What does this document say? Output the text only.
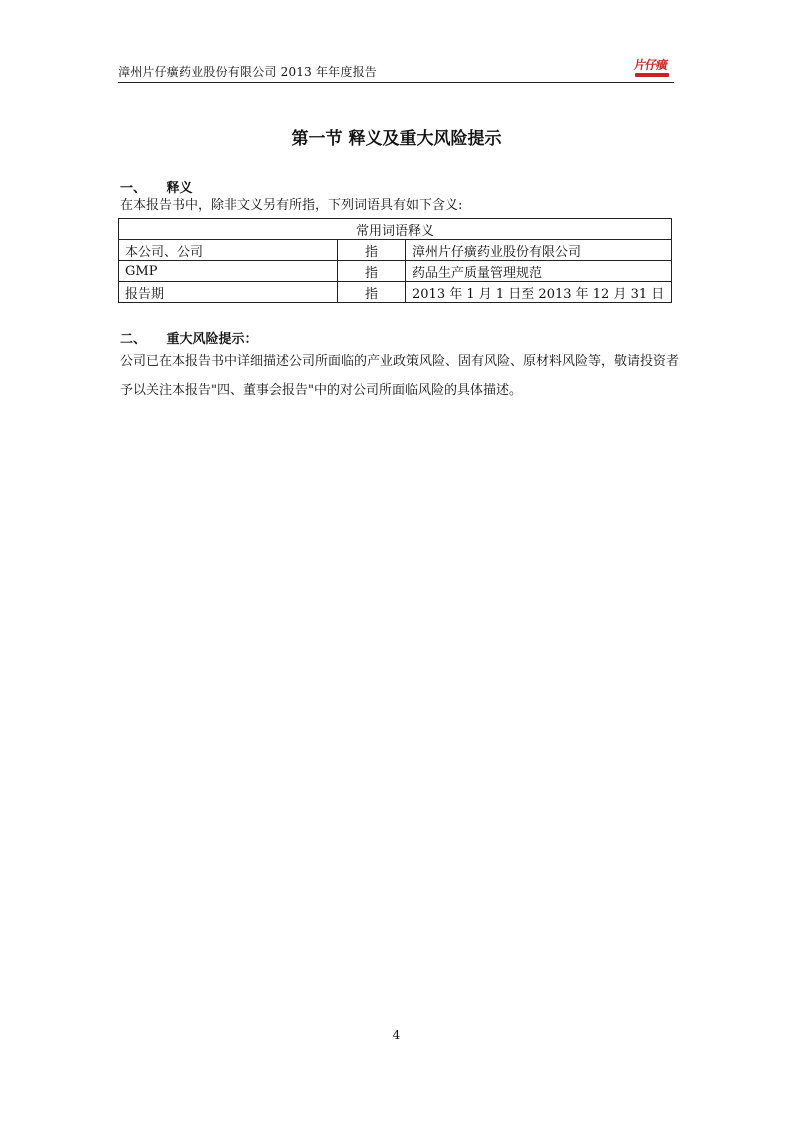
漳州片仔癀药业股份有限公司 2013 年年度报告	片仔癀
第一节 释义及重大风险提示
一、 释义
在本报告书中，除非文义另有所指，下列词语具有如下含义:
常用词语释义		
本公司、公司	指	漳州片仔癀药业股份有限公司
GMP	指	药品生产质量管理规范
报告期	指	2013 年 1 月 1 日至 2013 年 12 月 31 日
二、 重大风险提示：
公司已在本报告书中详细描述公司所面临的产业政策风险、固有风险、原材料风险等，敬请投资者予以关注本报告"四、董事会报告"中的对公司所面临风险的具体描述。
4
